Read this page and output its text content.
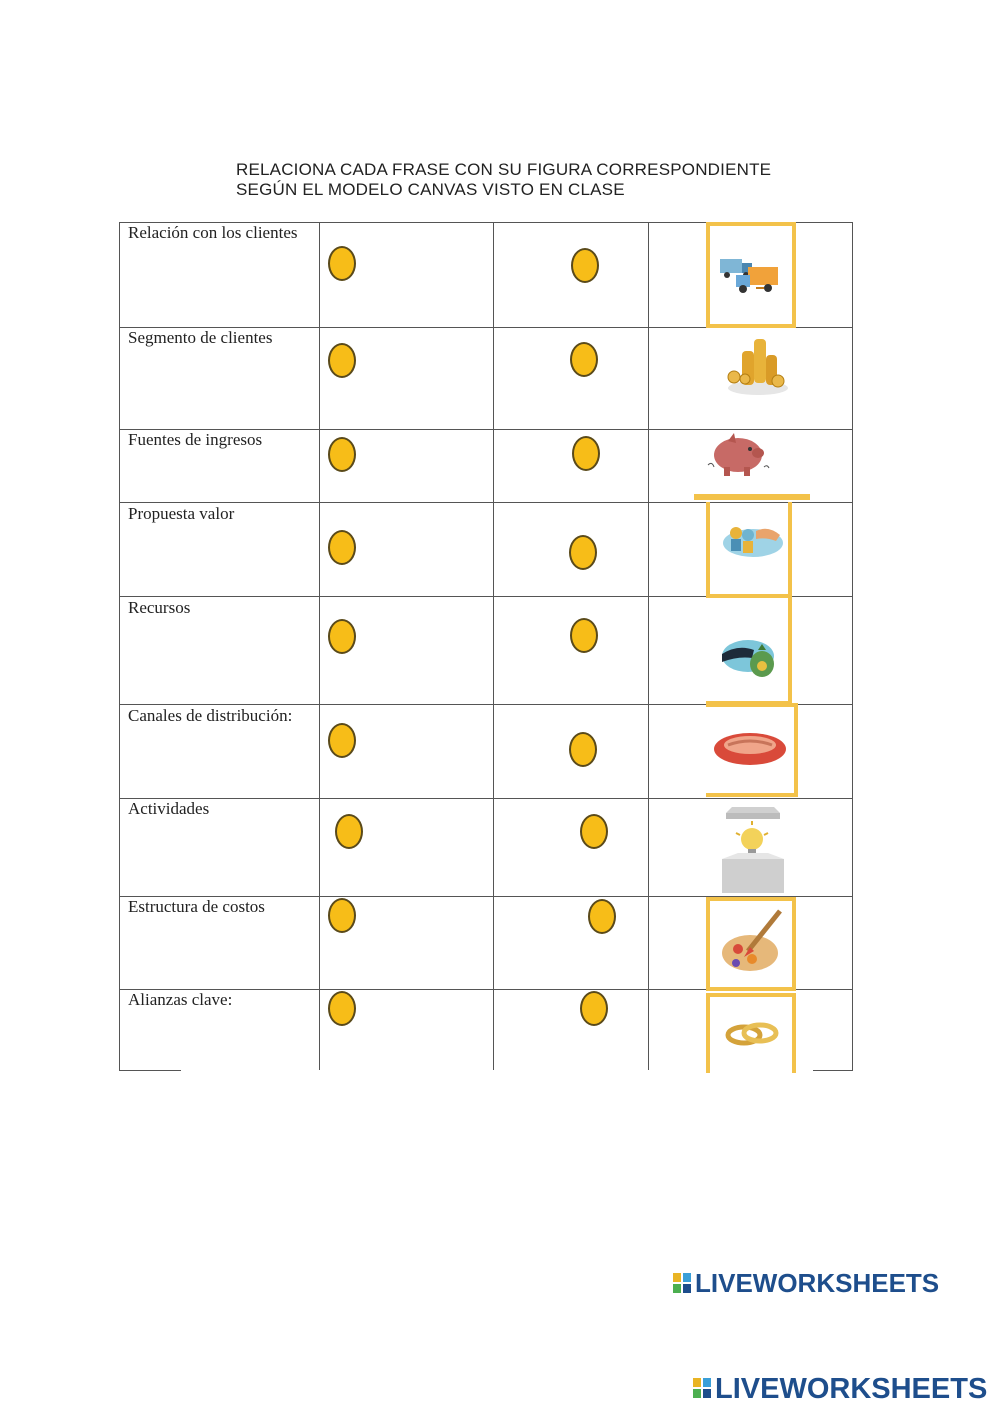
RELACIONA CADA FRASE CON SU FIGURA CORRESPONDIENTE
SEGÚN EL MODELO CANVAS VISTO EN CLASE
Relación con los clientes
Segmento de clientes
Fuentes de ingresos
Propuesta valor
Recursos
Canales de distribución:
Actividades
Estructura de costos
Alianzas clave:
LIVEWORKSHEETS
LIVEWORKSHEETS
